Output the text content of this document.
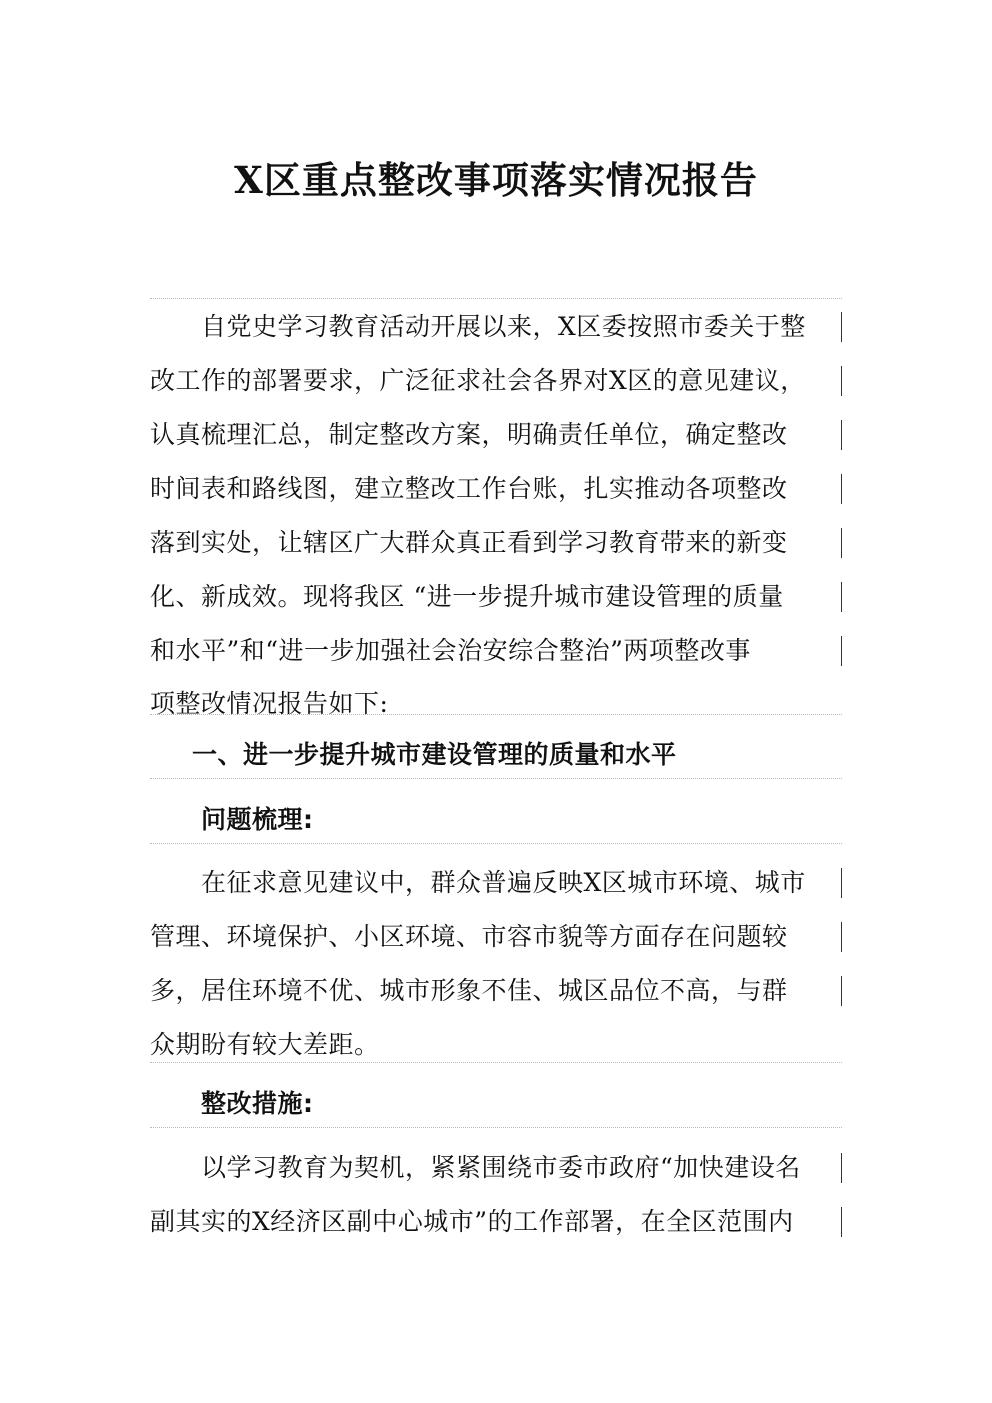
X区重点整改事项落实情况报告
　　自党史学习教育活动开展以来，X区委按照市委关于整
改工作的部署要求，广泛征求社会各界对X区的意见建议，
认真梳理汇总，制定整改方案，明确责任单位，确定整改
时间表和路线图，建立整改工作台账，扎实推动各项整改
落到实处，让辖区广大群众真正看到学习教育带来的新变
化、新成效。现将我区 “进一步提升城市建设管理的质量
和水平”和“进一步加强社会治安综合整治”两项整改事
项整改情况报告如下:
一、进一步提升城市建设管理的质量和水平
　　问题梳理:
　　在征求意见建议中，群众普遍反映X区城市环境、城市
管理、环境保护、小区环境、市容市貌等方面存在问题较
多，居住环境不优、城市形象不佳、城区品位不高，与群
众期盼有较大差距。
　　整改措施:
　　以学习教育为契机，紧紧围绕市委市政府“加快建设名
副其实的X经济区副中心城市”的工作部署，在全区范围内
